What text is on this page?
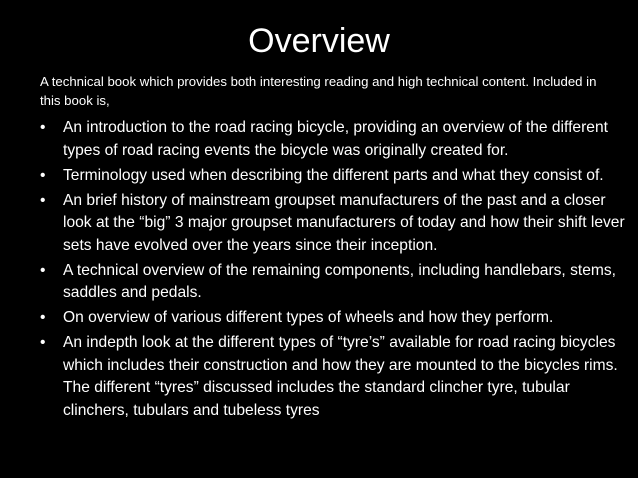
Overview

A technical book which provides both interesting reading and high technical content. Included in this book is,

•	An introduction to the road racing bicycle, providing an overview of the different types of road racing events the bicycle was originally created for.
•	Terminology used when describing the different parts and what they consist of.
•	An brief history of mainstream groupset manufacturers of the past and a closer look at the “big” 3 major groupset manufacturers of today and how their shift lever sets have evolved over the years since their inception.
•	A technical overview of the remaining components, including handlebars, stems, saddles and pedals.
•	On overview of various different types of wheels and how they perform.
•	An indepth look at the different types of “tyre’s” available for road racing bicycles which includes their construction and how they are mounted to the bicycles rims. The different “tyres” discussed includes the standard clincher tyre, tubular clinchers, tubulars and tubeless tyres
